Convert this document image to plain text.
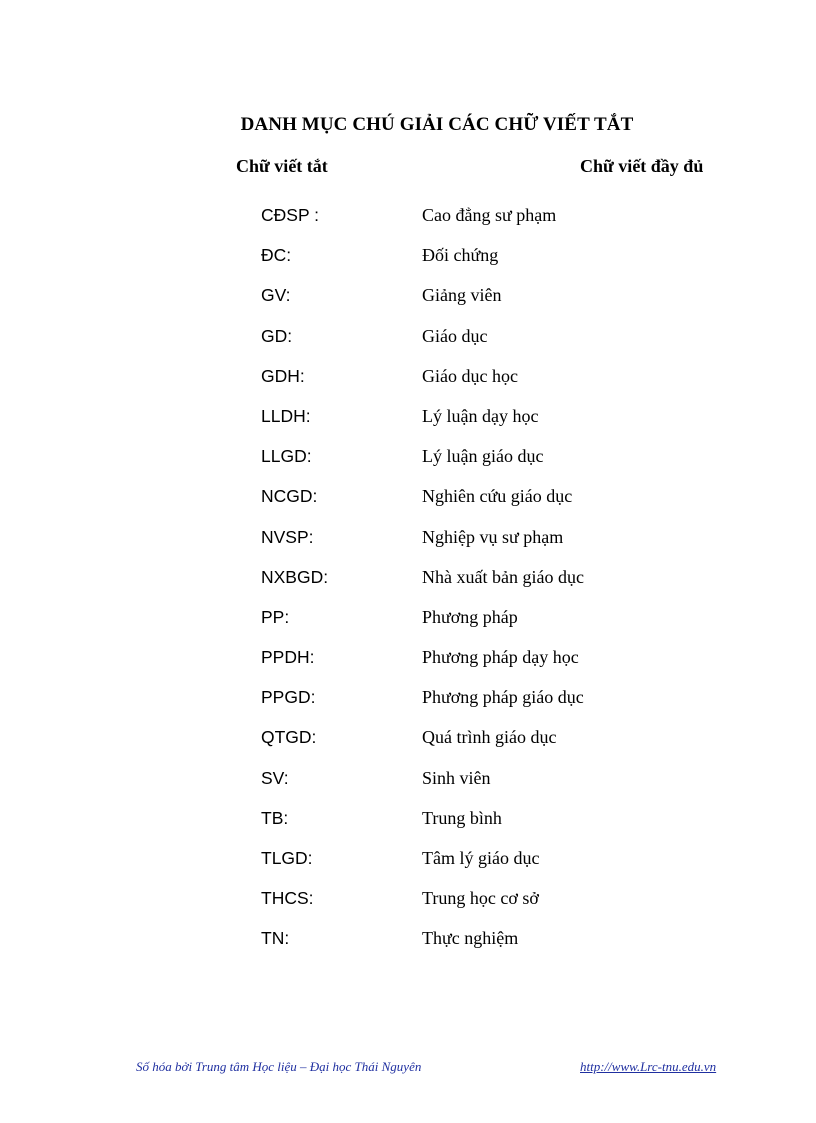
DANH MỤC CHÚ GIẢI CÁC CHỮ VIẾT TẮT
Chữ viết tắt	Chữ viết đầy đủ
CĐSP :	Cao đẳng sư phạm
ĐC:	Đối chứng
GV:	Giảng viên
GD:	Giáo dục
GDH:	Giáo dục học
LLDH:	Lý luận dạy học
LLGD:	Lý luận giáo dục
NCGD:	Nghiên cứu giáo dục
NVSP:	Nghiệp vụ sư phạm
NXBGD:	Nhà xuất bản giáo dục
PP:	Phương pháp
PPDH:	Phương pháp dạy học
PPGD:	Phương pháp giáo dục
QTGD:	Quá trình giáo dục
SV:	Sinh viên
TB:	Trung bình
TLGD:	Tâm lý giáo dục
THCS:	Trung học cơ sở
TN:	Thực nghiệm
Số hóa bởi Trung tâm Học liệu – Đại học Thái Nguyên	http://www.Lrc-tnu.edu.vn
